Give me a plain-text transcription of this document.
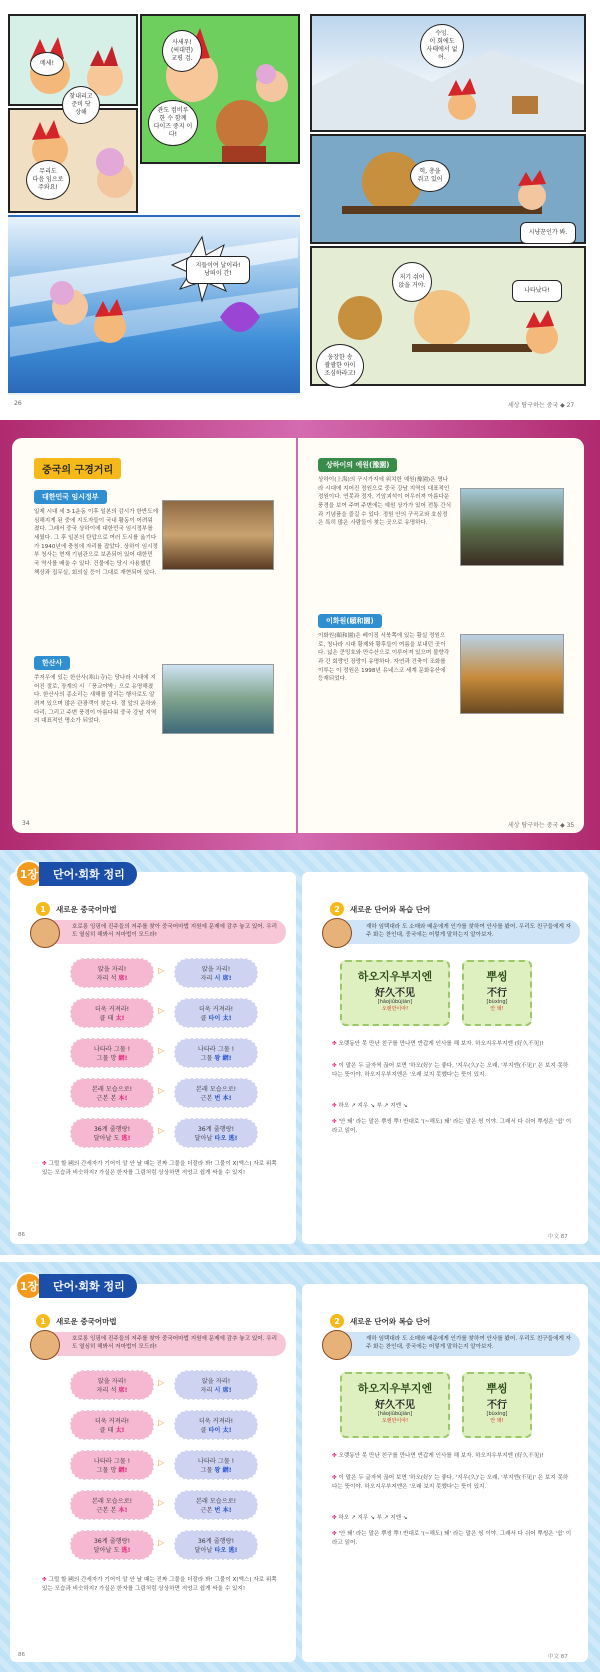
메세!
사세우!
(써대면)
교평 검.
찾내리고
준비 닷
상해	관도 컴비루
한 수 함께
다이즈 중지 이다!
무리도
다음 임으로
주와요!
지들이여 날이라!
낭떠이 간!
26
수잉.
이 회에도
사태에서 없어.
헉, 총을
쥐고 있어
시냥꾼인가 봐.
저기 쉬어
앉을 거야.
나타났다!
웅장한 송
괄괄한 아이
조심하라고!
세상 탐구하는 중국 ◆ 27
중국의 구경거리
대한민국 임시정부

일제 시대 세 3·1운동 이후 일본의 감시가 한반도에 심해지게 된 중에 지도자들이 국내 활동이 어려워졌다. 그래서 중국 상하이에 대한민국 임시정부를 세웠다. 그 후 일본의 탄압으로 여러 도시를 옮기다가 1940년에 충칭에 자리를 잡았다. 상하이 임시정부 청사는 현재 기념관으로 보존되어 있어 대한민국 역사를 배울 수 있다. 건물에는 당시 사용했던 책상과 집무실, 회의실 등이 그대로 재현되어 있다.

한산사

쑤저우에 있는 한산사(寒山寺)는 당나라 시대에 지어진 절로, 장계의 시 「풍교야박」으로 유명해졌다. 한산사의 종소리는 새해를 알리는 행사로도 알려져 있으며 많은 관광객이 찾는다. 절 앞의 운하와 다리, 그리고 주변 풍경이 아름다워 중국 강남 지역의 대표적인 명소가 되었다.

34
상하이의 예원(豫園)

상하이(上海)의 구시가지에 위치한 예원(豫園)은 명나라 시대에 지어진 정원으로 중국 강남 지역의 대표적인 정원이다. 연못과 정자, 기암괴석이 어우러져 아름다운 풍경을 보여 주며 주변에는 예원 상가가 있어 전통 간식과 기념품을 즐길 수 있다. 정원 안의 구곡교와 호심정은 특히 많은 사람들이 찾는 곳으로 유명하다.

이화원(頤和園)

이화원(頤和園)은 베이징 서북쪽에 있는 황실 정원으로, 청나라 시대 황제와 황후들이 여름을 보내던 곳이다. 넓은 쿤밍호와 만수산으로 이루어져 있으며 불향각과 긴 회랑인 장랑이 유명하다. 자연과 건축이 조화를 이루는 이 정원은 1998년 유네스코 세계 문화유산에 등재되었다.

세상 탐구하는 중국 ◆ 35
1장	단어·회화 정리
1	새로운 중국어마법
호로롱 잉핑에 진주들의 저주를 찾아 중국어마법 지원에 문제에 감추 놓고 있어. 우리도 열심히 해봐서 저마법이 모드라!
앉을 자리!
자리 석 席!
▷	앉을 자리!
자리 시 席!
더욱 커져라!
클 태 太!
▷	더욱 커져라!
클 타이 太!
나타라 그물 !
그물 망 網!
▷	나타라 그물 !
그물 왕 網!
본래 모습으로!
근본 본 本!
▷	본래 모습으로!
근본 번 本!
36계 줄행랑!
달아날 도 逃!
▷	36계 줄행랑!
달아날 타오 逃!
✤ 그럴 할 國의 간세자가 기어이 알 안 날 때는 진짜 그물을 더잘라 봐! 그물이 X(엑스) 자로 위쪽 있는 모습과 비슷하지? 가실은 한자를 그림처럼 상상하면 저엉고 쉽게 싸울 수 있지!
86
2	새로운 단어와 복습 단어
재하 임택대라 도 소매와 배운에게 인가를 찾하여 안사를 봤어. 우리도 친구들에게 자주 화는 찬인대, 중국에는 어렇게 말하는지 알아보자.
하오지우부지엔
好久不见
[hǎojiǔbújiàn]
오랜만이야!
뿌씽
不行
[bùxíng]
안 돼!
✤ 오랫동안 못 만난 친구를 만나면 반갑게 인사를 해 보자. 하오지우부지엔 (好久不见)!
✤ 이 말은 두 글자씩 끊어 보면 '하오(好)' 는 좋다, '지우(久)'는 오래, '부지엔(不见)' 은 보지 못하다는 뜻이야. 하오지우부지엔은 '오래 보지 못했다'는 뜻이 있지.
✤ 하오 ↗ 지우 ↘ 부 ↗ 지엔 ↘
✤ '안 돼' 라는 말은 뿌씽 뿌! 반대로 '(~해도) 돼' 라는 말은 씽 이야. 그래서 다 쉬어 뿌씽은 '쉼' 이라고 읽어.
中文 87
1장	단어·회화 정리
1	새로운 중국어마법
호로롱 잉핑에 진주들의 저주를 찾아 중국어마법 지원에 문제에 감추 놓고 있어. 우리도 열심히 해봐서 저마법이 모드라!
앉을 자리!
자리 석 席!
▷	앉을 자리!
자리 시 席!
더욱 커져라!
클 태 太!
▷	더욱 커져라!
클 타이 太!
나타라 그물 !
그물 망 網!
▷	나타라 그물 !
그물 왕 網!
본래 모습으로!
근본 본 本!
▷	본래 모습으로!
근본 번 本!
36계 줄행랑!
달아날 도 逃!
▷	36계 줄행랑!
달아날 타오 逃!
✤ 그럴 할 國의 간세자가 기어이 알 안 날 때는 진짜 그물을 더잘라 봐! 그물이 X(엑스) 자로 위쪽 있는 모습과 비슷하지? 가실은 한자를 그림처럼 상상하면 저엉고 쉽게 싸울 수 있지!
86
2	새로운 단어와 복습 단어
재하 임택대라 도 소매와 배운에게 인가를 찾하여 안사를 봤어. 우리도 친구들에게 자주 화는 찬인대, 중국에는 어렇게 말하는지 알아보자.
하오지우부지엔
好久不见
[hǎojiǔbújiàn]
오랜만이야!
뿌씽
不行
[bùxíng]
안 돼!
✤ 오랫동안 못 만난 친구를 만나면 반갑게 인사를 해 보자. 하오지우부지엔 (好久不见)!
✤ 이 말은 두 글자씩 끊어 보면 '하오(好)' 는 좋다, '지우(久)'는 오래, '부지엔(不见)' 은 보지 못하다는 뜻이야. 하오지우부지엔은 '오래 보지 못했다'는 뜻이 있지.
✤ 하오 ↗ 지우 ↘ 부 ↗ 지엔 ↘
✤ '안 돼' 라는 말은 뿌씽 뿌! 반대로 '(~해도) 돼' 라는 말은 씽 이야. 그래서 다 쉬어 뿌씽은 '쉼' 이라고 읽어.
中文 87
